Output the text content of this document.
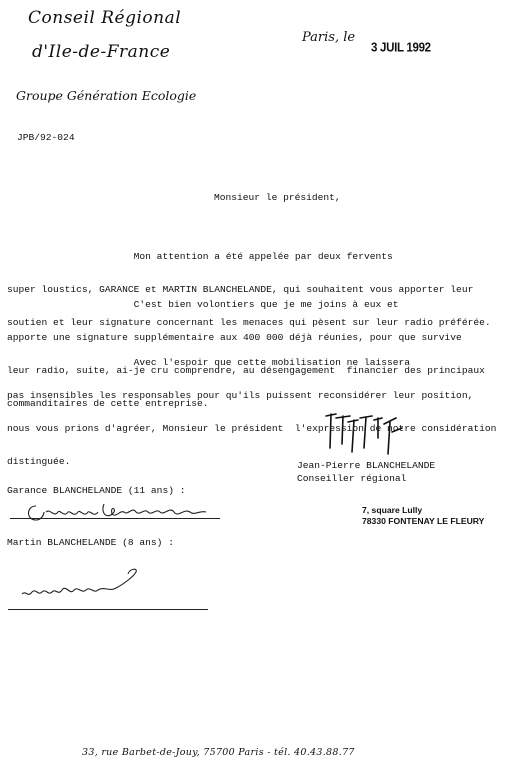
Conseil Régional
d'Ile-de-France
Groupe Génération Ecologie
Paris, le
3 JUIL 1992
JPB/92-024
Monsieur le président,

Mon attention a été appelée par deux fervents

super loustics, GARANCE et MARTIN BLANCHELANDE, qui souhaitent vous apporter leur

soutien et leur signature concernant les menaces qui pèsent sur leur radio préférée.

C'est bien volontiers que je me joins à eux et

apporte une signature supplémentaire aux 400 000 déjà réunies, pour que survive

leur radio, suite, ai-je cru comprendre, au désengagement  financier des principaux

commanditaires de cette entreprise.

Avec l'espoir que cette mobilisation ne laissera

pas insensibles les responsables pour qu'ils puissent reconsidérer leur position,

nous vous prions d'agréer, Monsieur le président  l'expression de notre considération

distinguée.	Jean-Pierre BLANCHELANDE
Conseiller régional
7, square Lully
78330 FONTENAY LE FLEURY
Garance BLANCHELANDE (11 ans) :
Martin BLANCHELANDE (8 ans) :
33, rue Barbet-de-Jouy, 75700 Paris - tél. 40.43.88.77
